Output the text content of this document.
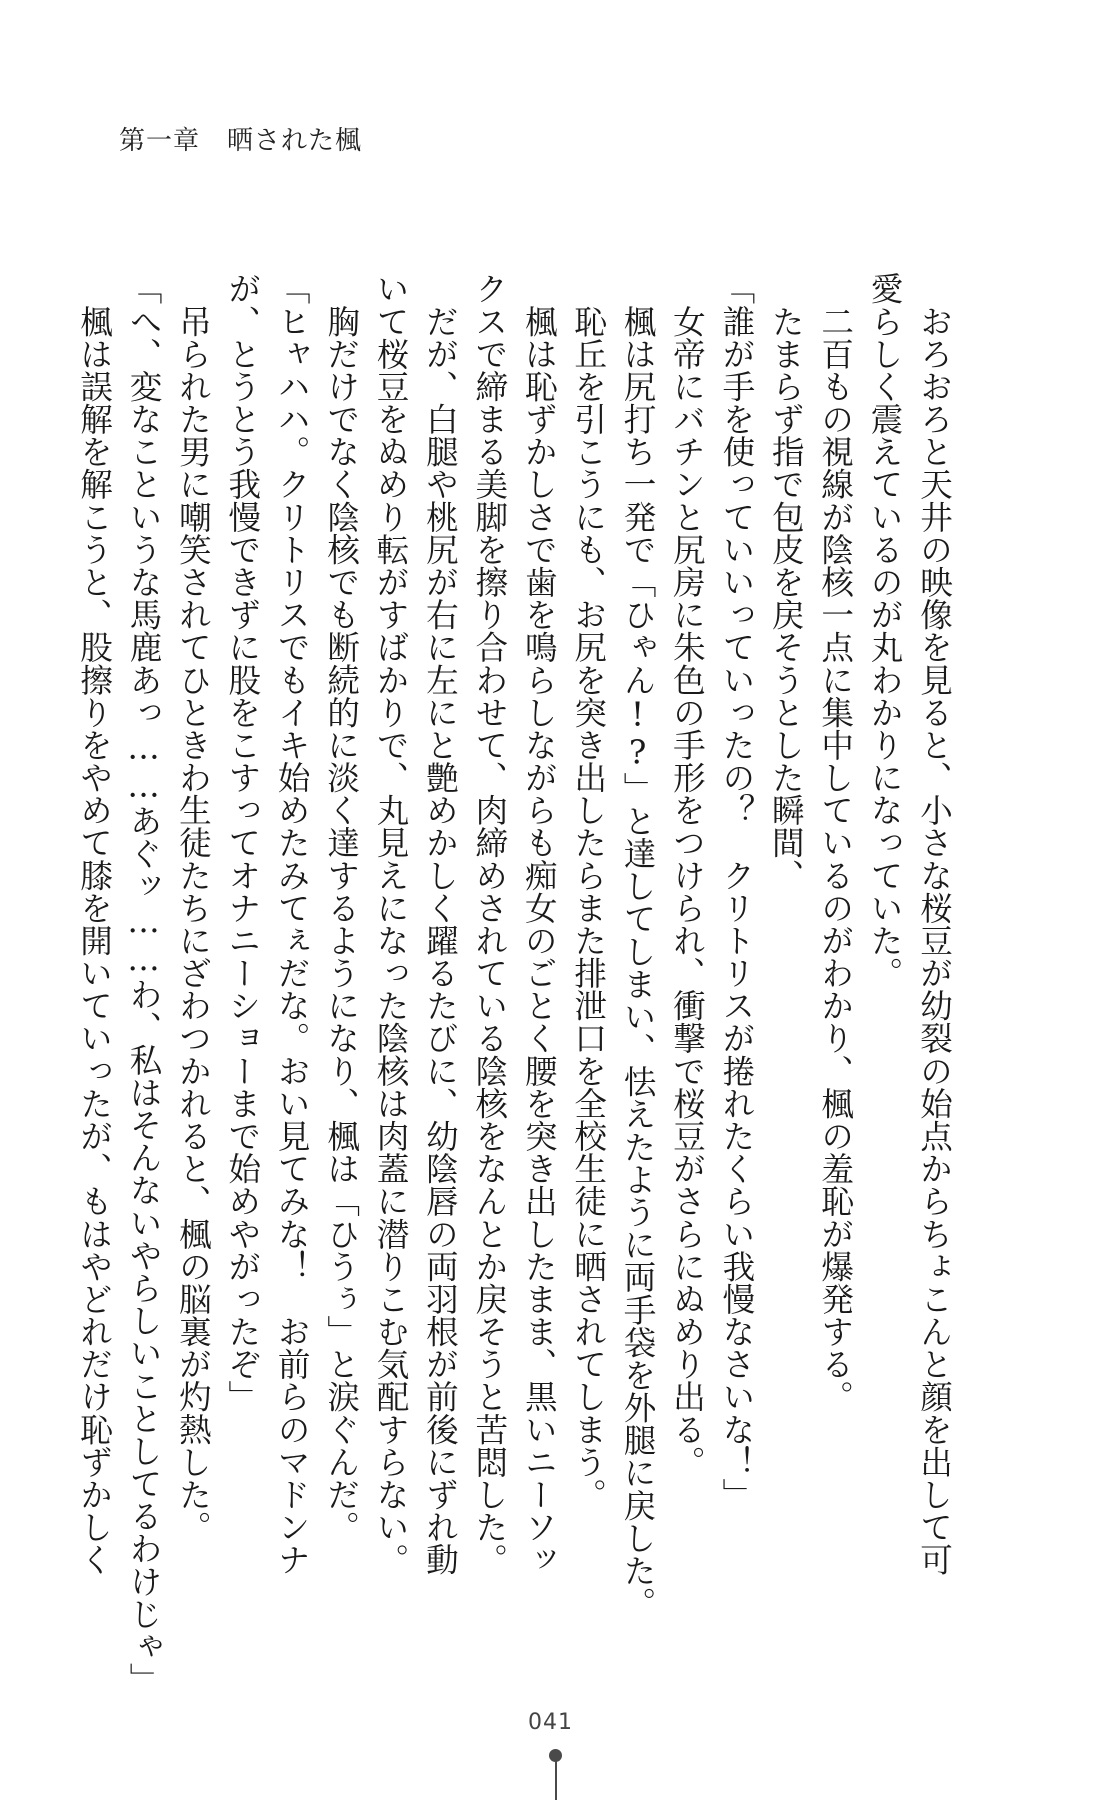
第一章　 晒された楓
　おろおろと天井の映像を見ると、小さな桜豆が幼裂の始点からちょこんと顔を出して可
愛らしく震えているのが丸わかりになっていた。
　二百もの視線が陰核一点に集中しているのがわかり、楓の羞恥が爆発する。
　たまらず指で包皮を戻そうとした瞬間、
「誰が手を使っていいっていったの？　クリトリスが捲れたくらい我慢なさいな！」
　女帝にバチンと尻房に朱色の手形をつけられ、衝撃で桜豆がさらにぬめり出る。
　楓は尻打ち一発で「ひゃん!?」と達してしまい、怯えたように両手袋を外腿に戻した。
　恥丘を引こうにも、お尻を突き出したらまた排泄口を全校生徒に晒されてしまう。
　楓は恥ずかしさで歯を鳴らしながらも痴女のごとく腰を突き出したまま、黒いニーソッ
クスで締まる美脚を擦り合わせて、肉締めされている陰核をなんとか戻そうと苦悶した。
　だが、白腿や桃尻が右に左にと艶めかしく躍るたびに、幼陰唇の両羽根が前後にずれ動
いて桜豆をぬめり転がすばかりで、丸見えになった陰核は肉蓋に潜りこむ気配すらない。
　胸だけでなく陰核でも断続的に淡く達するようになり、楓は「ひうぅ」と涙ぐんだ。
「ヒャハハ。クリトリスでもイキ始めたみてぇだな。おい見てみな！　お前らのマドンナ
が、とうとう我慢できずに股をこすってオナニーショーまで始めやがったぞ」
　吊られた男に嘲笑されてひときわ生徒たちにざわつかれると、楓の脳裏が灼熱した。
「へ、変なこというな馬鹿あっ……あぐッ……わ、私はそんないやらしいことしてるわけじゃ」
　楓は誤解を解こうと、股擦りをやめて膝を開いていったが、もはやどれだけ恥ずかしく
041
